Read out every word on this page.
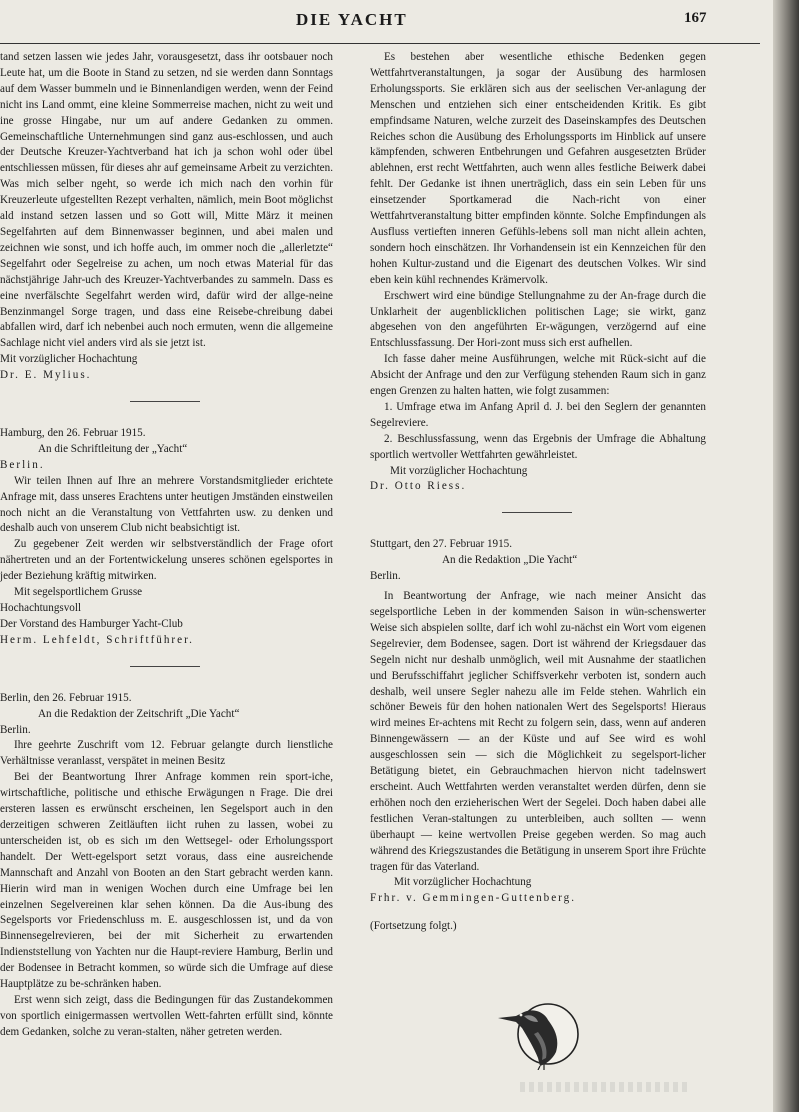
DIE YACHT	167

tand setzen lassen wie jedes Jahr, vorausgesetzt, dass ihr ootsbauer noch Leute hat, um die Boote in Stand zu setzen, nd sie werden dann Sonntags auf dem Wasser bummeln und ie Binnenlandigen werden, wenn der Feind nicht ins Land ommt, eine kleine Sommerreise machen, nicht zu weit und ine grosse Hingabe, nur um auf andere Gedanken zu ommen. Gemeinschaftliche Unternehmungen sind ganz aus-eschlossen, und auch der Deutsche Kreuzer-Yachtverband hat ich ja schon wohl oder übel entschliessen müssen, für dieses ahr auf gemeinsame Arbeit zu verzichten. Was mich selber ngeht, so werde ich mich nach den vorhin für Kreuzerleute ufgestellten Rezept verhalten, nämlich, mein Boot möglichst ald instand setzen lassen und so Gott will, Mitte März it meinen Segelfahrten auf dem Binnenwasser beginnen, und abei malen und zeichnen wie sonst, und ich hoffe auch, im ommer noch die „allerletzte“ Segelfahrt oder Segelreise zu achen, um noch etwas Material für das nächstjährige Jahr-uch des Kreuzer-Yachtverbandes zu sammeln. Dass es eine nverfälschte Segelfahrt werden wird, dafür wird der allge-neine Benzinmangel Sorge tragen, und dass eine Reisebe-chreibung dabei abfallen wird, darf ich nebenbei auch noch ermuten, wenn die allgemeine Sachlage nicht viel anders vird als sie jetzt ist.

Mit vorzüglicher Hochachtung

Dr. E. Mylius.

Hamburg, den 26. Februar 1915.

An die Schriftleitung der „Yacht“

Berlin.

Wir teilen Ihnen auf Ihre an mehrere Vorstandsmitglieder erichtete Anfrage mit, dass unseres Erachtens unter heutigen Jmständen einstweilen noch nicht an die Veranstaltung von Vettfahrten usw. zu denken und deshalb auch von unserem Club nicht beabsichtigt ist.

Zu gegebener Zeit werden wir selbstverständlich der Frage ofort nähertreten und an der Fortentwickelung unseres schönen egelsportes in jeder Beziehung kräftig mitwirken.

Mit segelsportlichem Grusse

Hochachtungsvoll

Der Vorstand des Hamburger Yacht-Club

Herm. Lehfeldt, Schriftführer.

Berlin, den 26. Februar 1915.

An die Redaktion der Zeitschrift „Die Yacht“

Berlin.

Ihre geehrte Zuschrift vom 12. Februar gelangte durch lienstliche Verhältnisse veranlasst, verspätet in meinen Besitz

Bei der Beantwortung Ihrer Anfrage kommen rein sport-iche, wirtschaftliche, politische und ethische Erwägungen n Frage. Die drei ersteren lassen es erwünscht erscheinen, len Segelsport auch in den derzeitigen schweren Zeitläuften iicht ruhen zu lassen, wobei zu unterscheiden ist, ob es sich ım den Wettsegel- oder Erholungssport handelt. Der Wett-egelsport setzt voraus, dass eine ausreichende Mannschaft and Anzahl von Booten an den Start gebracht werden kann. Hierin wird man in wenigen Wochen durch eine Umfrage bei len einzelnen Segelvereinen klar sehen können. Da die Aus-ibung des Segelsports vor Friedenschluss m. E. ausgeschlossen ist, und da von Binnensegelrevieren, bei der mit Sicherheit zu erwartenden Indienststellung von Yachten nur die Haupt-reviere Hamburg, Berlin und der Bodensee in Betracht kommen, so würde sich die Umfrage auf diese Hauptplätze zu be-schränken haben.

Erst wenn sich zeigt, dass die Bedingungen für das Zustandekommen von sportlich einigermassen wertvollen Wett-fahrten erfüllt sind, könnte dem Gedanken, solche zu veran-stalten, näher getreten werden.

Es bestehen aber wesentliche ethische Bedenken gegen Wettfahrtveranstaltungen, ja sogar der Ausübung des harmlosen Erholungssports. Sie erklären sich aus der seelischen Ver-anlagung der Menschen und entziehen sich einer entscheidenden Kritik. Es gibt empfindsame Naturen, welche zurzeit des Daseinskampfes des Deutschen Reiches schon die Ausübung des Erholungssports im Hinblick auf unsere kämpfenden, schweren Entbehrungen und Gefahren ausgesetzten Brüder ablehnen, erst recht Wettfahrten, auch wenn alles festliche Beiwerk dabei fehlt. Der Gedanke ist ihnen unerträglich, dass ein sein Leben für uns einsetzender Sportkamerad die Nach-richt von einer Wettfahrtveranstaltung bitter empfinden könnte. Solche Empfindungen als Ausfluss vertieften inneren Gefühls-lebens soll man nicht allein achten, sondern hoch einschätzen. Ihr Vorhandensein ist ein Kennzeichen für den hohen Kultur-zustand und die Eigenart des deutschen Volkes. Wir sind eben kein kühl rechnendes Krämervolk.

Erschwert wird eine bündige Stellungnahme zu der An-frage durch die Unklarheit der augenblicklichen politischen Lage; sie wirkt, ganz abgesehen von den angeführten Er-wägungen, verzögernd auf eine Entschlussfassung. Der Hori-zont muss sich erst aufhellen.

Ich fasse daher meine Ausführungen, welche mit Rück-sicht auf die Absicht der Anfrage und den zur Verfügung stehenden Raum sich in ganz engen Grenzen zu halten hatten, wie folgt zusammen:

1. Umfrage etwa im Anfang April d. J. bei den Seglern der genannten Segelreviere.

2. Beschlussfassung, wenn das Ergebnis der Umfrage die Abhaltung sportlich wertvoller Wettfahrten gewährleistet.

Mit vorzüglicher Hochachtung

Dr. Otto Riess.

Stuttgart, den 27. Februar 1915.

An die Redaktion „Die Yacht“

Berlin.

In Beantwortung der Anfrage, wie nach meiner Ansicht das segelsportliche Leben in der kommenden Saison in wün-schenswerter Weise sich abspielen sollte, darf ich wohl zu-nächst ein Wort vom eigenen Segelrevier, dem Bodensee, sagen. Dort ist während der Kriegsdauer das Segeln nicht nur deshalb unmöglich, weil mit Ausnahme der staatlichen und Berufsschiffahrt jeglicher Schiffsverkehr verboten ist, sondern auch deshalb, weil unsere Segler nahezu alle im Felde stehen. Wahrlich ein schöner Beweis für den hohen nationalen Wert des Segelsports! Hieraus wird meines Er-achtens mit Recht zu folgern sein, dass, wenn auf anderen Binnengewässern — an der Küste und auf See wird es wohl ausgeschlossen sein — sich die Möglichkeit zu segelsport-licher Betätigung bietet, ein Gebrauchmachen hiervon nicht tadelnswert erscheint. Auch Wettfahrten werden veranstaltet werden dürfen, denn sie erhöhen noch den erzieherischen Wert der Segelei. Doch haben dabei alle festlichen Veran-staltungen zu unterbleiben, auch sollten — wenn überhaupt — keine wertvollen Preise gegeben werden. So mag auch während des Kriegszustandes die Betätigung in unserem Sport ihre Früchte tragen für das Vaterland.

Mit vorzüglicher Hochachtung

Frhr. v. Gemmingen-Guttenberg.

(Fortsetzung folgt.)
